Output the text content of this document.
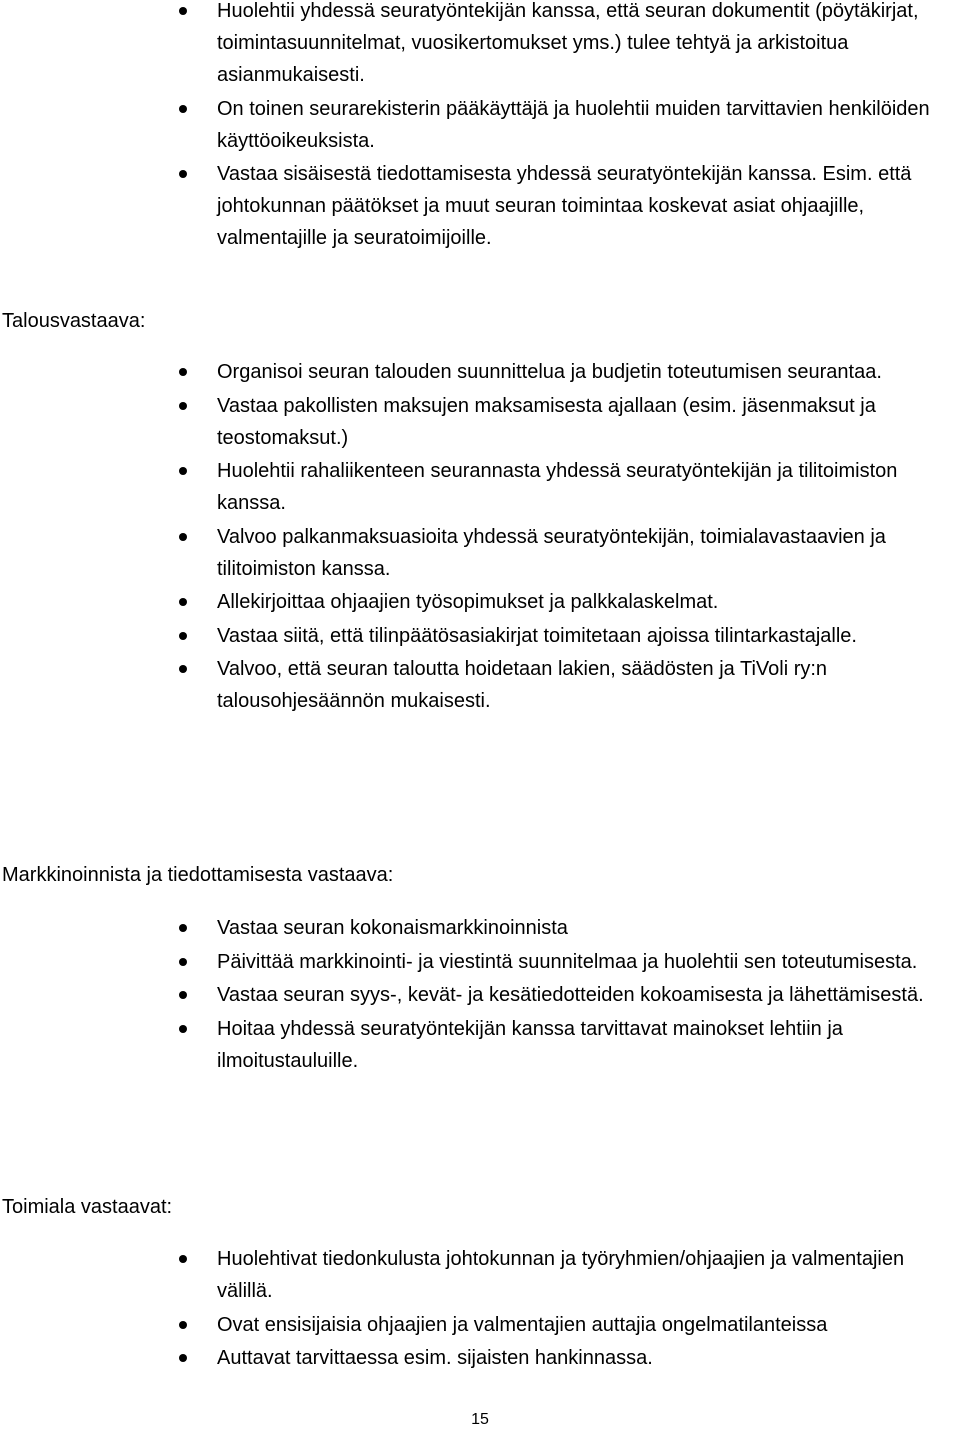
Huolehtii yhdessä seuratyöntekijän kanssa, että seuran dokumentit (pöytäkirjat, toimintasuunnitelmat, vuosikertomukset yms.) tulee tehtyä ja arkistoitua asianmukaisesti.
On toinen seurarekisterin pääkäyttäjä ja huolehtii muiden tarvittavien henkilöiden käyttöoikeuksista.
Vastaa sisäisestä tiedottamisesta yhdessä seuratyöntekijän kanssa. Esim. että johtokunnan päätökset ja muut seuran toimintaa koskevat asiat ohjaajille, valmentajille ja seuratoimijoille.
Talousvastaava:
Organisoi seuran talouden suunnittelua ja budjetin toteutumisen seurantaa.
Vastaa pakollisten maksujen maksamisesta ajallaan (esim. jäsenmaksut ja teostomaksut.)
Huolehtii rahaliikenteen seurannasta yhdessä seuratyöntekijän ja tilitoimiston kanssa.
Valvoo palkanmaksuasioita yhdessä seuratyöntekijän, toimialavastaavien ja tilitoimiston kanssa.
Allekirjoittaa ohjaajien työsopimukset ja palkkalaskelmat.
Vastaa siitä, että tilinpäätösasiakirjat toimitetaan ajoissa tilintarkastajalle.
Valvoo, että seuran taloutta hoidetaan lakien, säädösten ja TiVoli ry:n talousohjesäännön mukaisesti.
Markkinoinnista ja tiedottamisesta vastaava:
Vastaa seuran kokonaismarkkinoinnista
Päivittää markkinointi- ja viestintä suunnitelmaa ja huolehtii sen toteutumisesta.
Vastaa seuran syys-, kevät- ja kesätiedotteiden kokoamisesta ja lähettämisestä.
Hoitaa yhdessä seuratyöntekijän kanssa tarvittavat mainokset lehtiin ja ilmoitustauluille.
Toimiala vastaavat:
Huolehtivat tiedonkulusta johtokunnan ja työryhmien/ohjaajien ja valmentajien välillä.
Ovat ensisijaisia ohjaajien ja valmentajien auttajia ongelmatilanteissa
Auttavat tarvittaessa esim. sijaisten hankinnassa.
15
